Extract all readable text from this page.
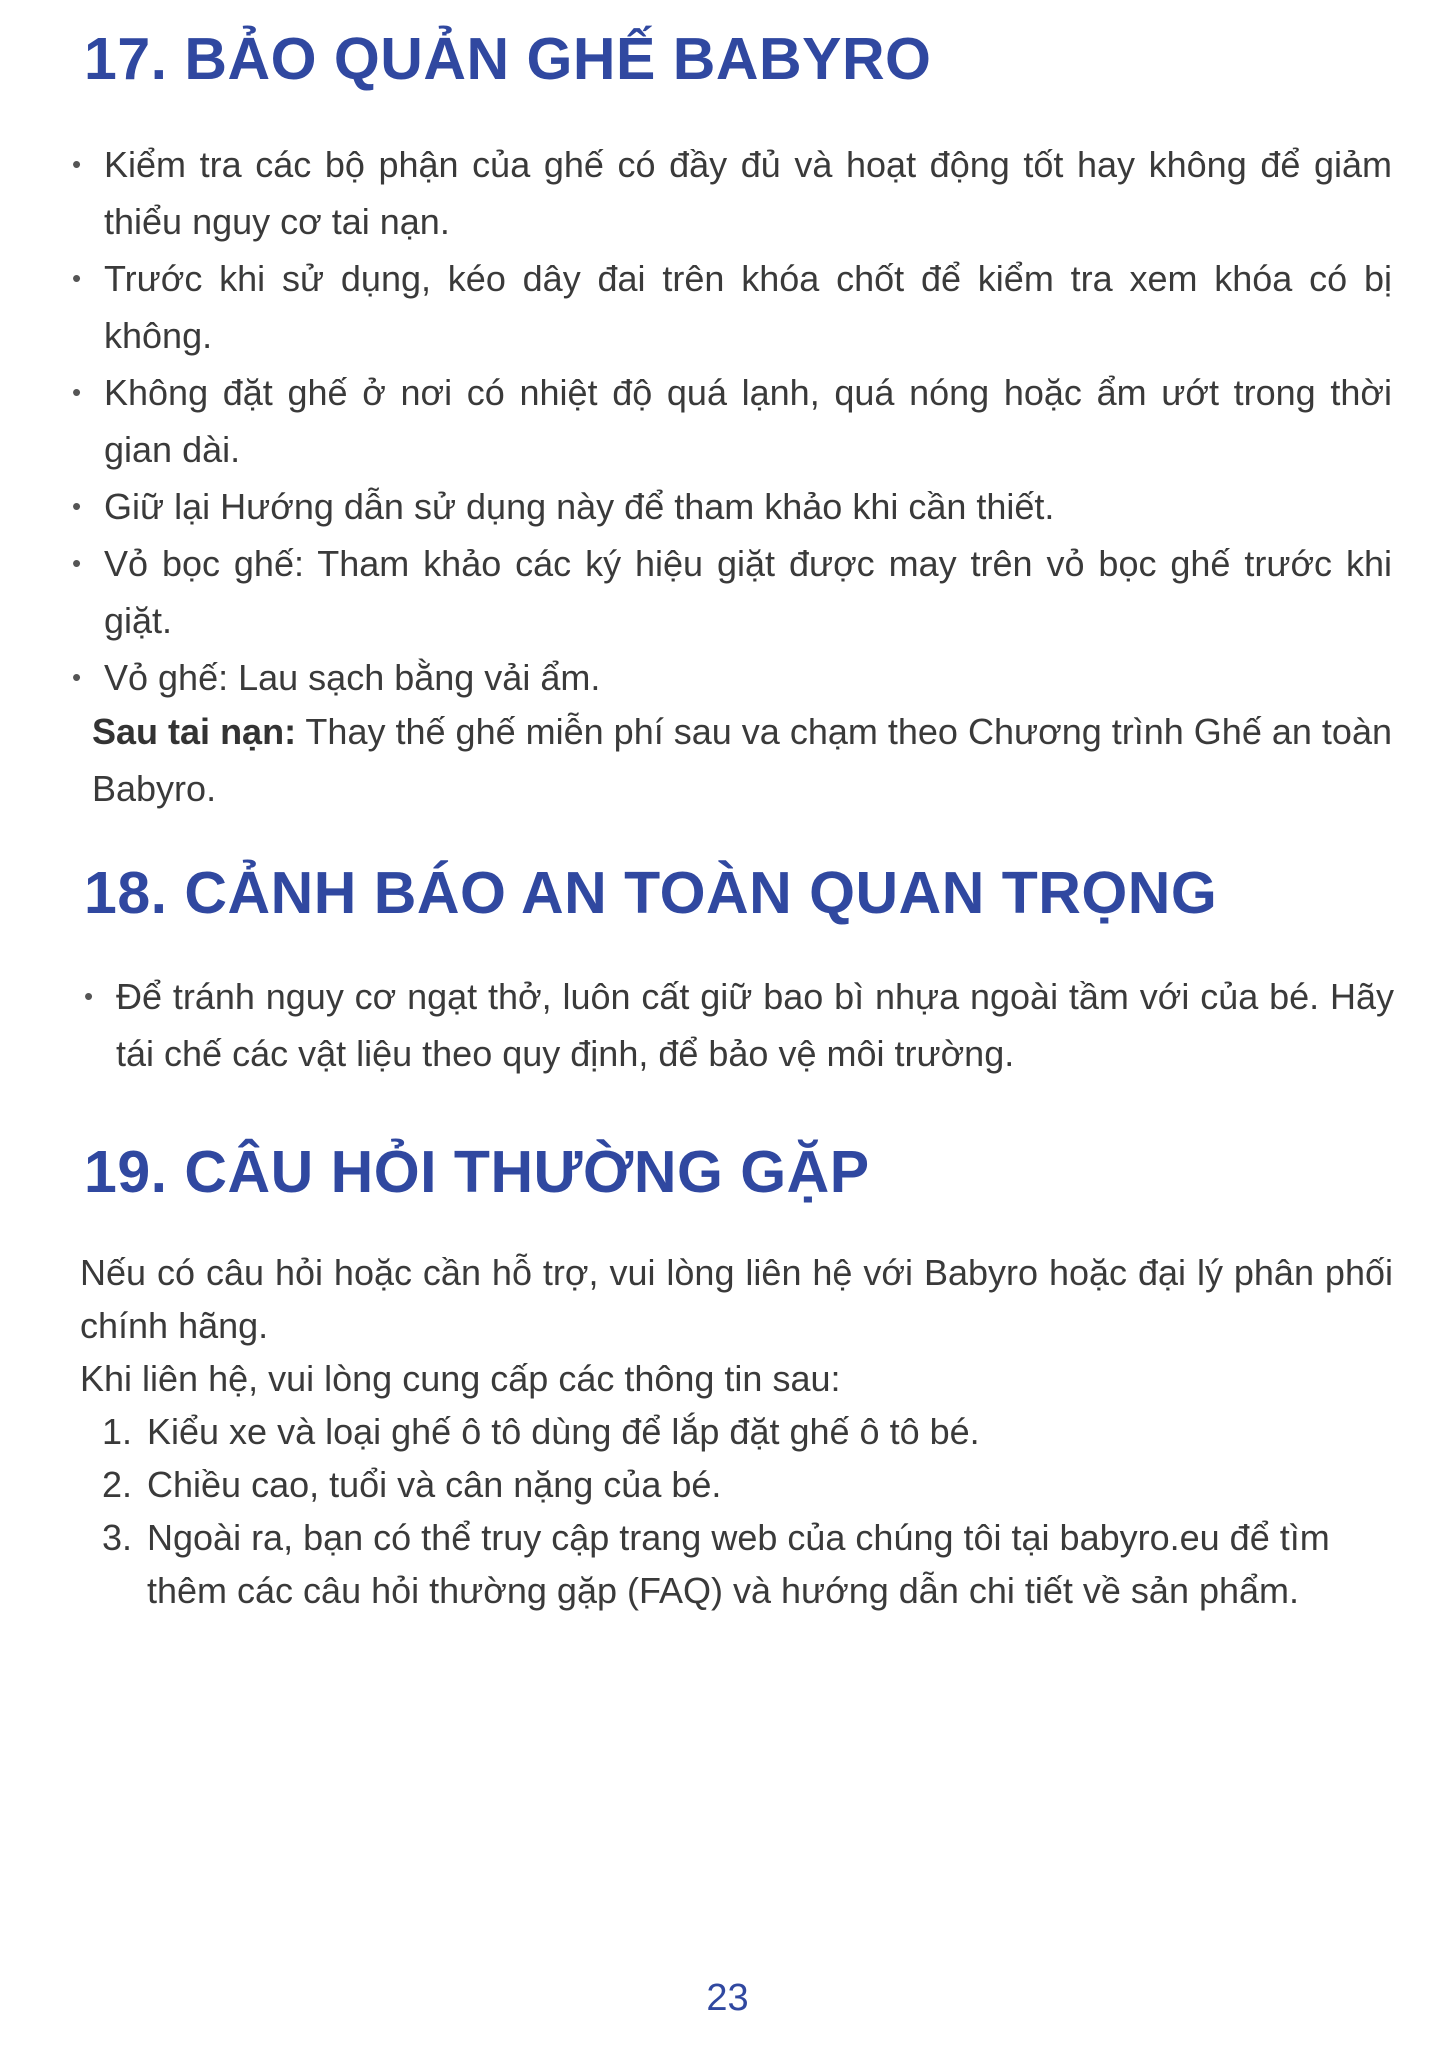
17. BẢO QUẢN GHẾ BABYRO
• Kiểm tra các bộ phận của ghế có đầy đủ và hoạt động tốt hay không để giảm thiểu nguy cơ tai nạn.
• Trước khi sử dụng, kéo dây đai trên khóa chốt để kiểm tra xem khóa có bị không.
• Không đặt ghế ở nơi có nhiệt độ quá lạnh, quá nóng hoặc ẩm ướt trong thời gian dài.
• Giữ lại Hướng dẫn sử dụng này để tham khảo khi cần thiết.
• Vỏ bọc ghế: Tham khảo các ký hiệu giặt được may trên vỏ bọc ghế trước khi giặt.
• Vỏ ghế: Lau sạch bằng vải ẩm.

Sau tai nạn: Thay thế ghế miễn phí sau va chạm theo Chương trình Ghế an toàn Babyro.

18. CẢNH BÁO AN TOÀN QUAN TRỌNG
• Để tránh nguy cơ ngạt thở, luôn cất giữ bao bì nhựa ngoài tầm với của bé. Hãy tái chế các vật liệu theo quy định, để bảo vệ môi trường.
19. CÂU HỎI THƯỜNG GẶP

Nếu có câu hỏi hoặc cần hỗ trợ, vui lòng liên hệ với Babyro hoặc đại lý phân phối chính hãng.

Khi liên hệ, vui lòng cung cấp các thông tin sau:

1. Kiểu xe và loại ghế ô tô dùng để lắp đặt ghế ô tô bé.
2. Chiều cao, tuổi và cân nặng của bé.
3. Ngoài ra, bạn có thể truy cập trang web của chúng tôi tại babyro.eu để tìm thêm các câu hỏi thường gặp (FAQ) và hướng dẫn chi tiết về sản phẩm.
23
